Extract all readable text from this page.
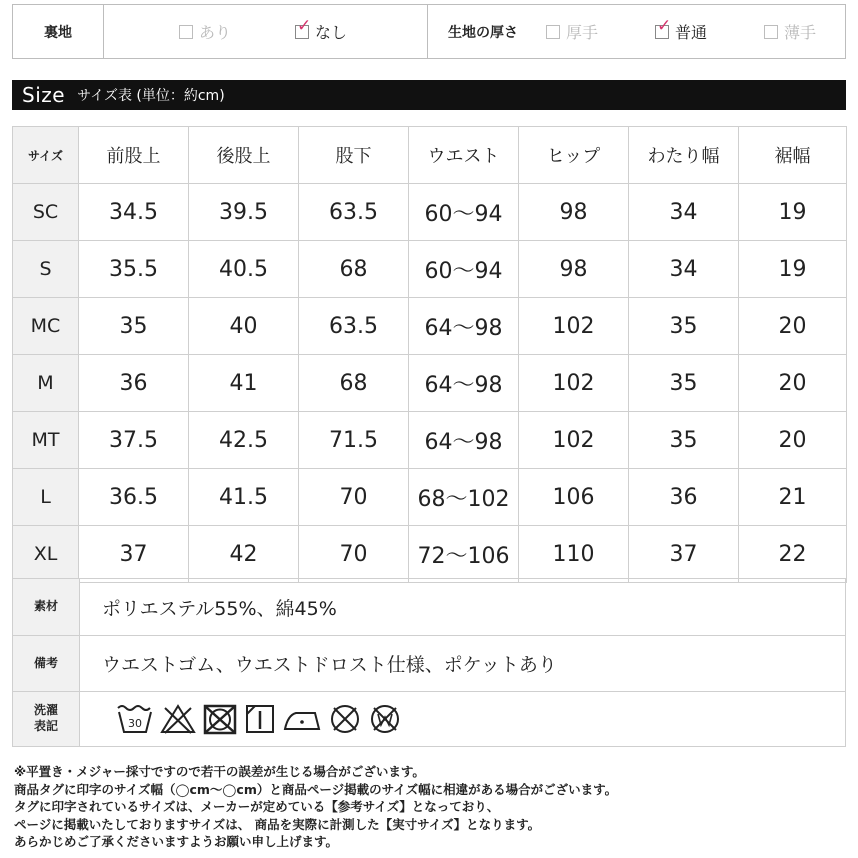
裏地	あり	✓ なし	生地の厚さ	厚手	✓ 普通	薄手
Size サイズ表 (単位：約cm)
サイズ	前股上	後股上	股下	ウエスト	ヒップ	わたり幅	裾幅
SC	34.5	39.5	63.5	60〜94	98	34	19
S	35.5	40.5	68	60〜94	98	34	19
MC	35	40	63.5	64〜98	102	35	20
M	36	41	68	64〜98	102	35	20
MT	37.5	42.5	71.5	64〜98	102	35	20
L	36.5	41.5	70	68〜102	106	36	21
XL	37	42	70	72〜106	110	37	22
素材	ポリエステル55%、綿45%
備考	ウエストゴム、ウエストドロスト仕様、ポケットあり
洗濯表記	30
※平置き・メジャー採寸ですので若干の誤差が生じる場合がございます。
商品タグに印字のサイズ幅（◯cm〜◯cm）と商品ページ掲載のサイズ幅に相違がある場合がございます。
タグに印字されているサイズは、メーカーが定めている【参考サイズ】となっており、
ページに掲載いたしておりますサイズは、 商品を実際に計測した【実寸サイズ】となります。
あらかじめご了承くださいますようお願い申し上げます。
